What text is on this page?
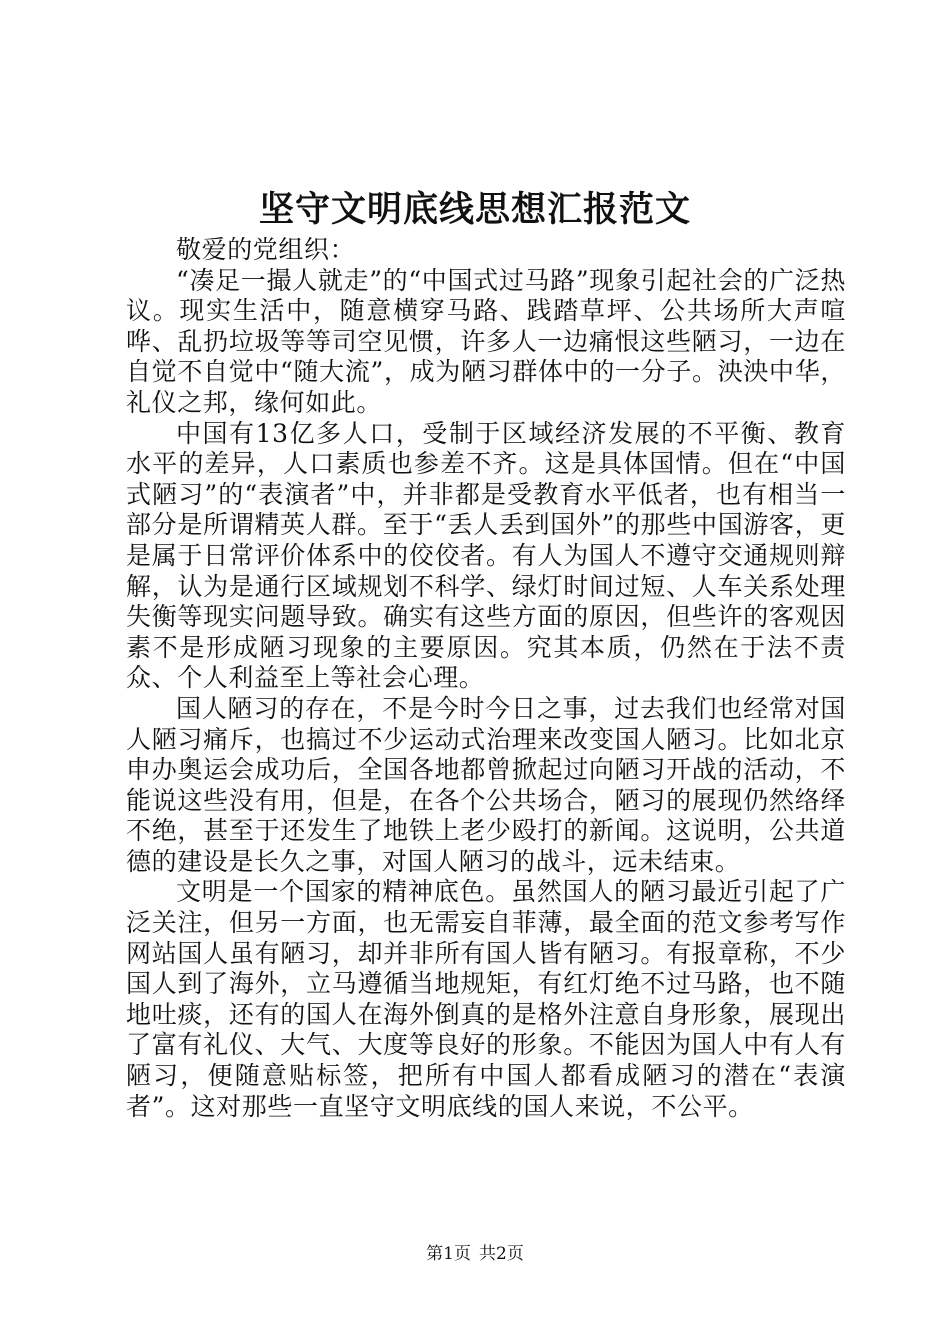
坚守文明底线思想汇报范文

敬爱的党组织：

“凑足一撮人就走”的“中国式过马路”现象引起社会的广泛热议。现实生活中，随意横穿马路、践踏草坪、公共场所大声喧哗、乱扔垃圾等等司空见惯，许多人一边痛恨这些陋习，一边在自觉不自觉中“随大流”，成为陋习群体中的一分子。泱泱中华，礼仪之邦，缘何如此。

中国有13亿多人口，受制于区域经济发展的不平衡、教育水平的差异，人口素质也参差不齐。这是具体国情。但在“中国式陋习”的“表演者”中，并非都是受教育水平低者，也有相当一部分是所谓精英人群。至于“丢人丢到国外”的那些中国游客，更是属于日常评价体系中的佼佼者。有人为国人不遵守交通规则辩解，认为是通行区域规划不科学、绿灯时间过短、人车关系处理失衡等现实问题导致。确实有这些方面的原因，但些许的客观因素不是形成陋习现象的主要原因。究其本质，仍然在于法不责众、个人利益至上等社会心理。

国人陋习的存在，不是今时今日之事，过去我们也经常对国人陋习痛斥，也搞过不少运动式治理来改变国人陋习。比如北京申办奥运会成功后，全国各地都曾掀起过向陋习开战的活动，不能说这些没有用，但是，在各个公共场合，陋习的展现仍然络绎不绝，甚至于还发生了地铁上老少殴打的新闻。这说明，公共道德的建设是长久之事，对国人陋习的战斗，远未结束。

文明是一个国家的精神底色。虽然国人的陋习最近引起了广泛关注，但另一方面，也无需妄自菲薄，最全面的范文参考写作网站国人虽有陋习，却并非所有国人皆有陋习。有报章称，不少国人到了海外，立马遵循当地规矩，有红灯绝不过马路，也不随地吐痰，还有的国人在海外倒真的是格外注意自身形象，展现出了富有礼仪、大气、大度等良好的形象。不能因为国人中有人有陋习，便随意贴标签，把所有中国人都看成陋习的潜在“表演者”。这对那些一直坚守文明底线的国人来说，不公平。

第1页 共2页
